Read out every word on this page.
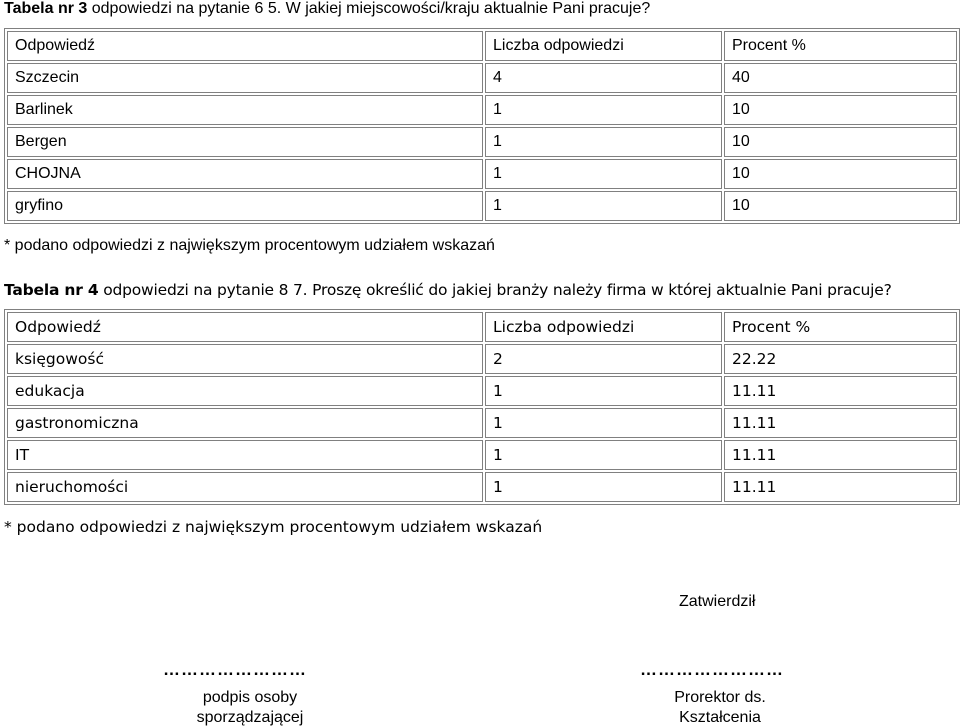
Tabela nr 3 odpowiedzi na pytanie 6 5. W jakiej miejscowości/kraju aktualnie Pani pracuje?
Odpowiedź	Liczba odpowiedzi	Procent %
Szczecin	4	40
Barlinek	1	10
Bergen	1	10
CHOJNA	1	10
gryfino	1	10
* podano odpowiedzi z największym procentowym udziałem wskazań
Tabela nr 4 odpowiedzi na pytanie 8 7. Proszę określić do jakiej branży należy firma w której aktualnie Pani pracuje?
Odpowiedź	Liczba odpowiedzi	Procent %
księgowość	2	22.22
edukacja	1	11.11
gastronomiczna	1	11.11
IT	1	11.11
nieruchomości	1	11.11
* podano odpowiedzi z największym procentowym udziałem wskazań
Zatwierdził
……………………	……………………
podpis osoby
sporządzającej
Prorektor ds.
Kształcenia
